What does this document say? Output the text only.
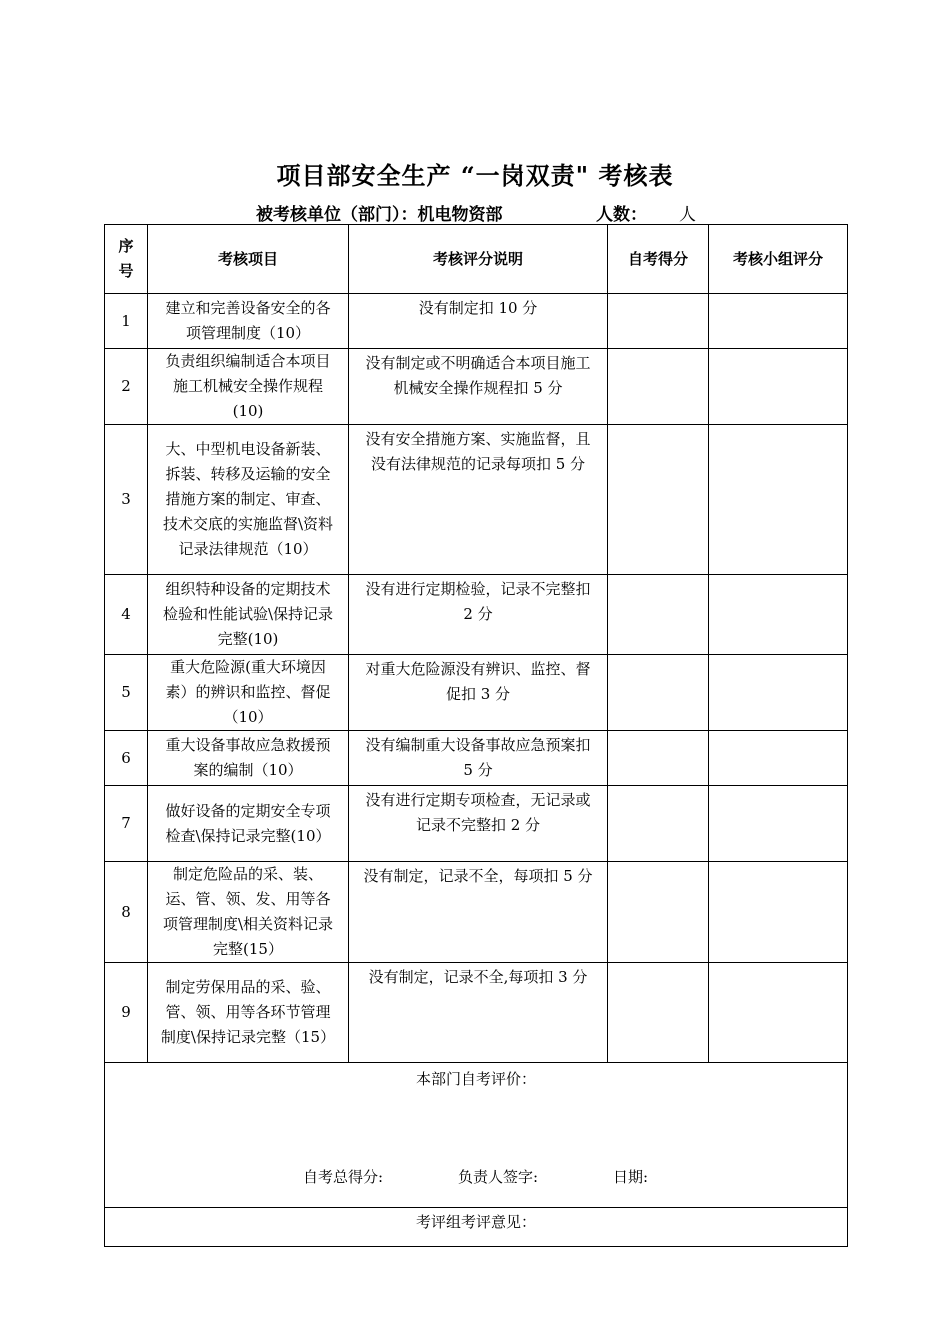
项目部安全生产 “一岗双责" 考核表
被考核单位（部门）：机电物资部	人数： 人
序号	考核项目	考核评分说明	自考得分	考核小组评分
1	建立和完善设备安全的各项管理制度（10）	没有制定扣 10 分		
2	负责组织编制适合本项目施工机械安全操作规程(10)	没有制定或不明确适合本项目施工机械安全操作规程扣 5 分		
3	大、中型机电设备新装、拆装、转移及运输的安全措施方案的制定、审查、技术交底的实施监督\资料记录法律规范（10）	没有安全措施方案、实施监督，且没有法律规范的记录每项扣 5 分		
4	组织特种设备的定期技术检验和性能试验\保持记录完整(10)	没有进行定期检验，记录不完整扣 2 分		
5	重大危险源(重大环境因素）的辨识和监控、督促（10）	对重大危险源没有辨识、监控、督促扣 3 分		
6	重大设备事故应急救援预案的编制（10）	没有编制重大设备事故应急预案扣 5 分		
7	做好设备的定期安全专项检查\保持记录完整(10）	没有进行定期专项检查，无记录或记录不完整扣 2 分		
8	制定危险品的采、装、运、管、领、发、用等各项管理制度\相关资料记录完整(15）	没有制定，记录不全，每项扣 5 分		
9	制定劳保用品的采、验、管、领、用等各环节管理制度\保持记录完整（15）	没有制定，记录不全,每项扣 3 分		

本部门自考评价：
自考总得分: 负责人签字: 日期:				

考评组考评意见：				
